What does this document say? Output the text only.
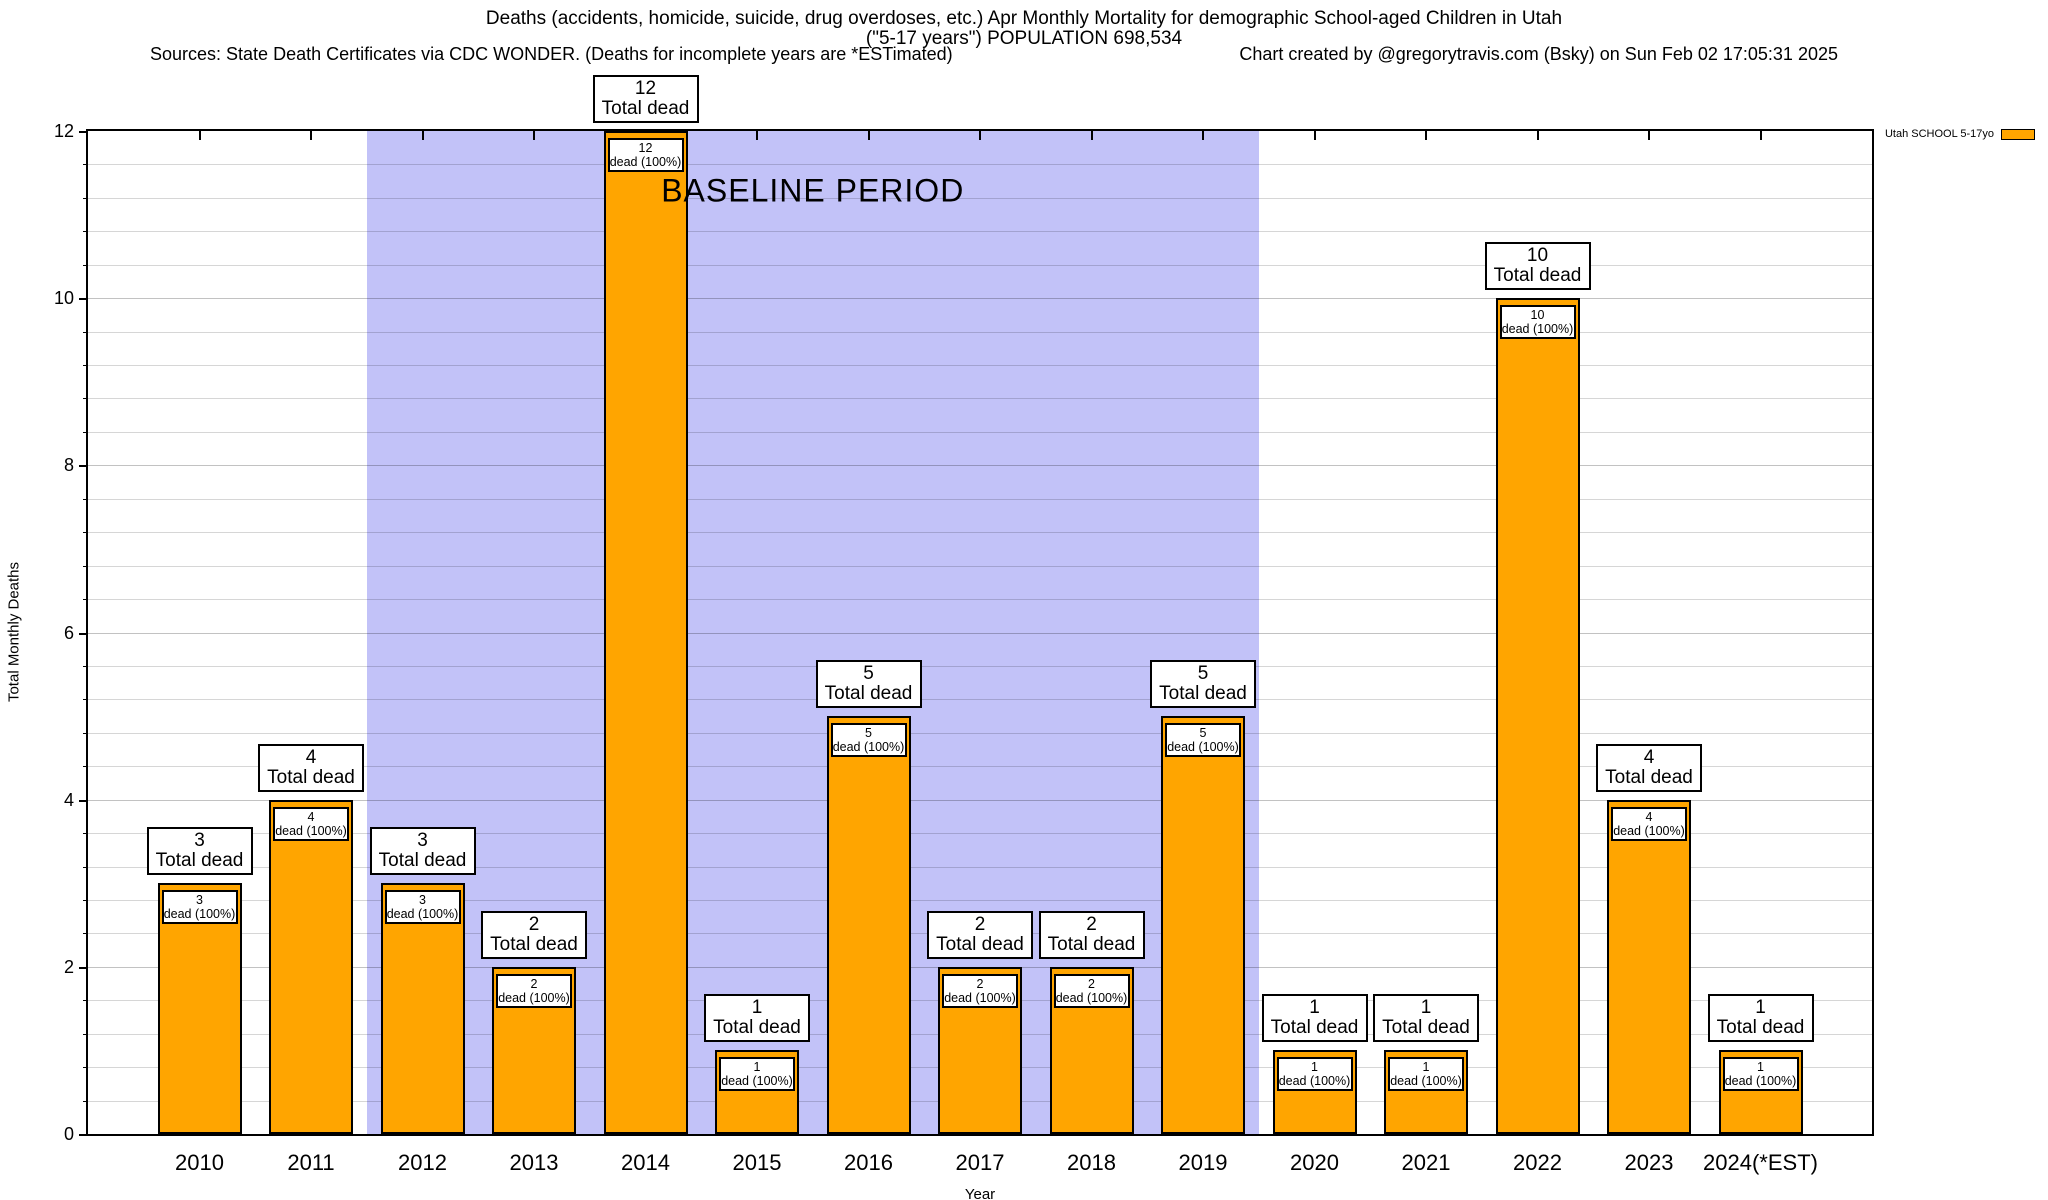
Deaths (accidents, homicide, suicide, drug overdoses, etc.) Apr Monthly Mortality for demographic School-aged Children in Utah
("5-17 years") POPULATION 698,534
Sources: State Death Certificates via CDC WONDER. (Deaths for incomplete years are *ESTimated)	Chart created by @gregorytravis.com (Bsky) on Sun Feb 02 17:05:31 2025
Utah SCHOOL 5-17yo
Total Monthly Deaths
3
dead (100%)
3
Total dead
4
dead (100%)
4
Total dead
3
dead (100%)
3
Total dead
2
dead (100%)
2
Total dead
12
dead (100%)
12
Total dead
1
dead (100%)
1
Total dead
5
dead (100%)
5
Total dead
2
dead (100%)
2
Total dead
2
dead (100%)
2
Total dead
5
dead (100%)
5
Total dead
1
dead (100%)
1
Total dead
1
dead (100%)
1
Total dead
10
dead (100%)
10
Total dead
4
dead (100%)
4
Total dead
1
dead (100%)
1
Total dead
0
2
4
6
8
10
12
2010	2011	2012	2013	2014	2015	2016	2017	2018	2019	2020	2021	2022	2023	2024(*EST)
BASELINE PERIOD
Year
